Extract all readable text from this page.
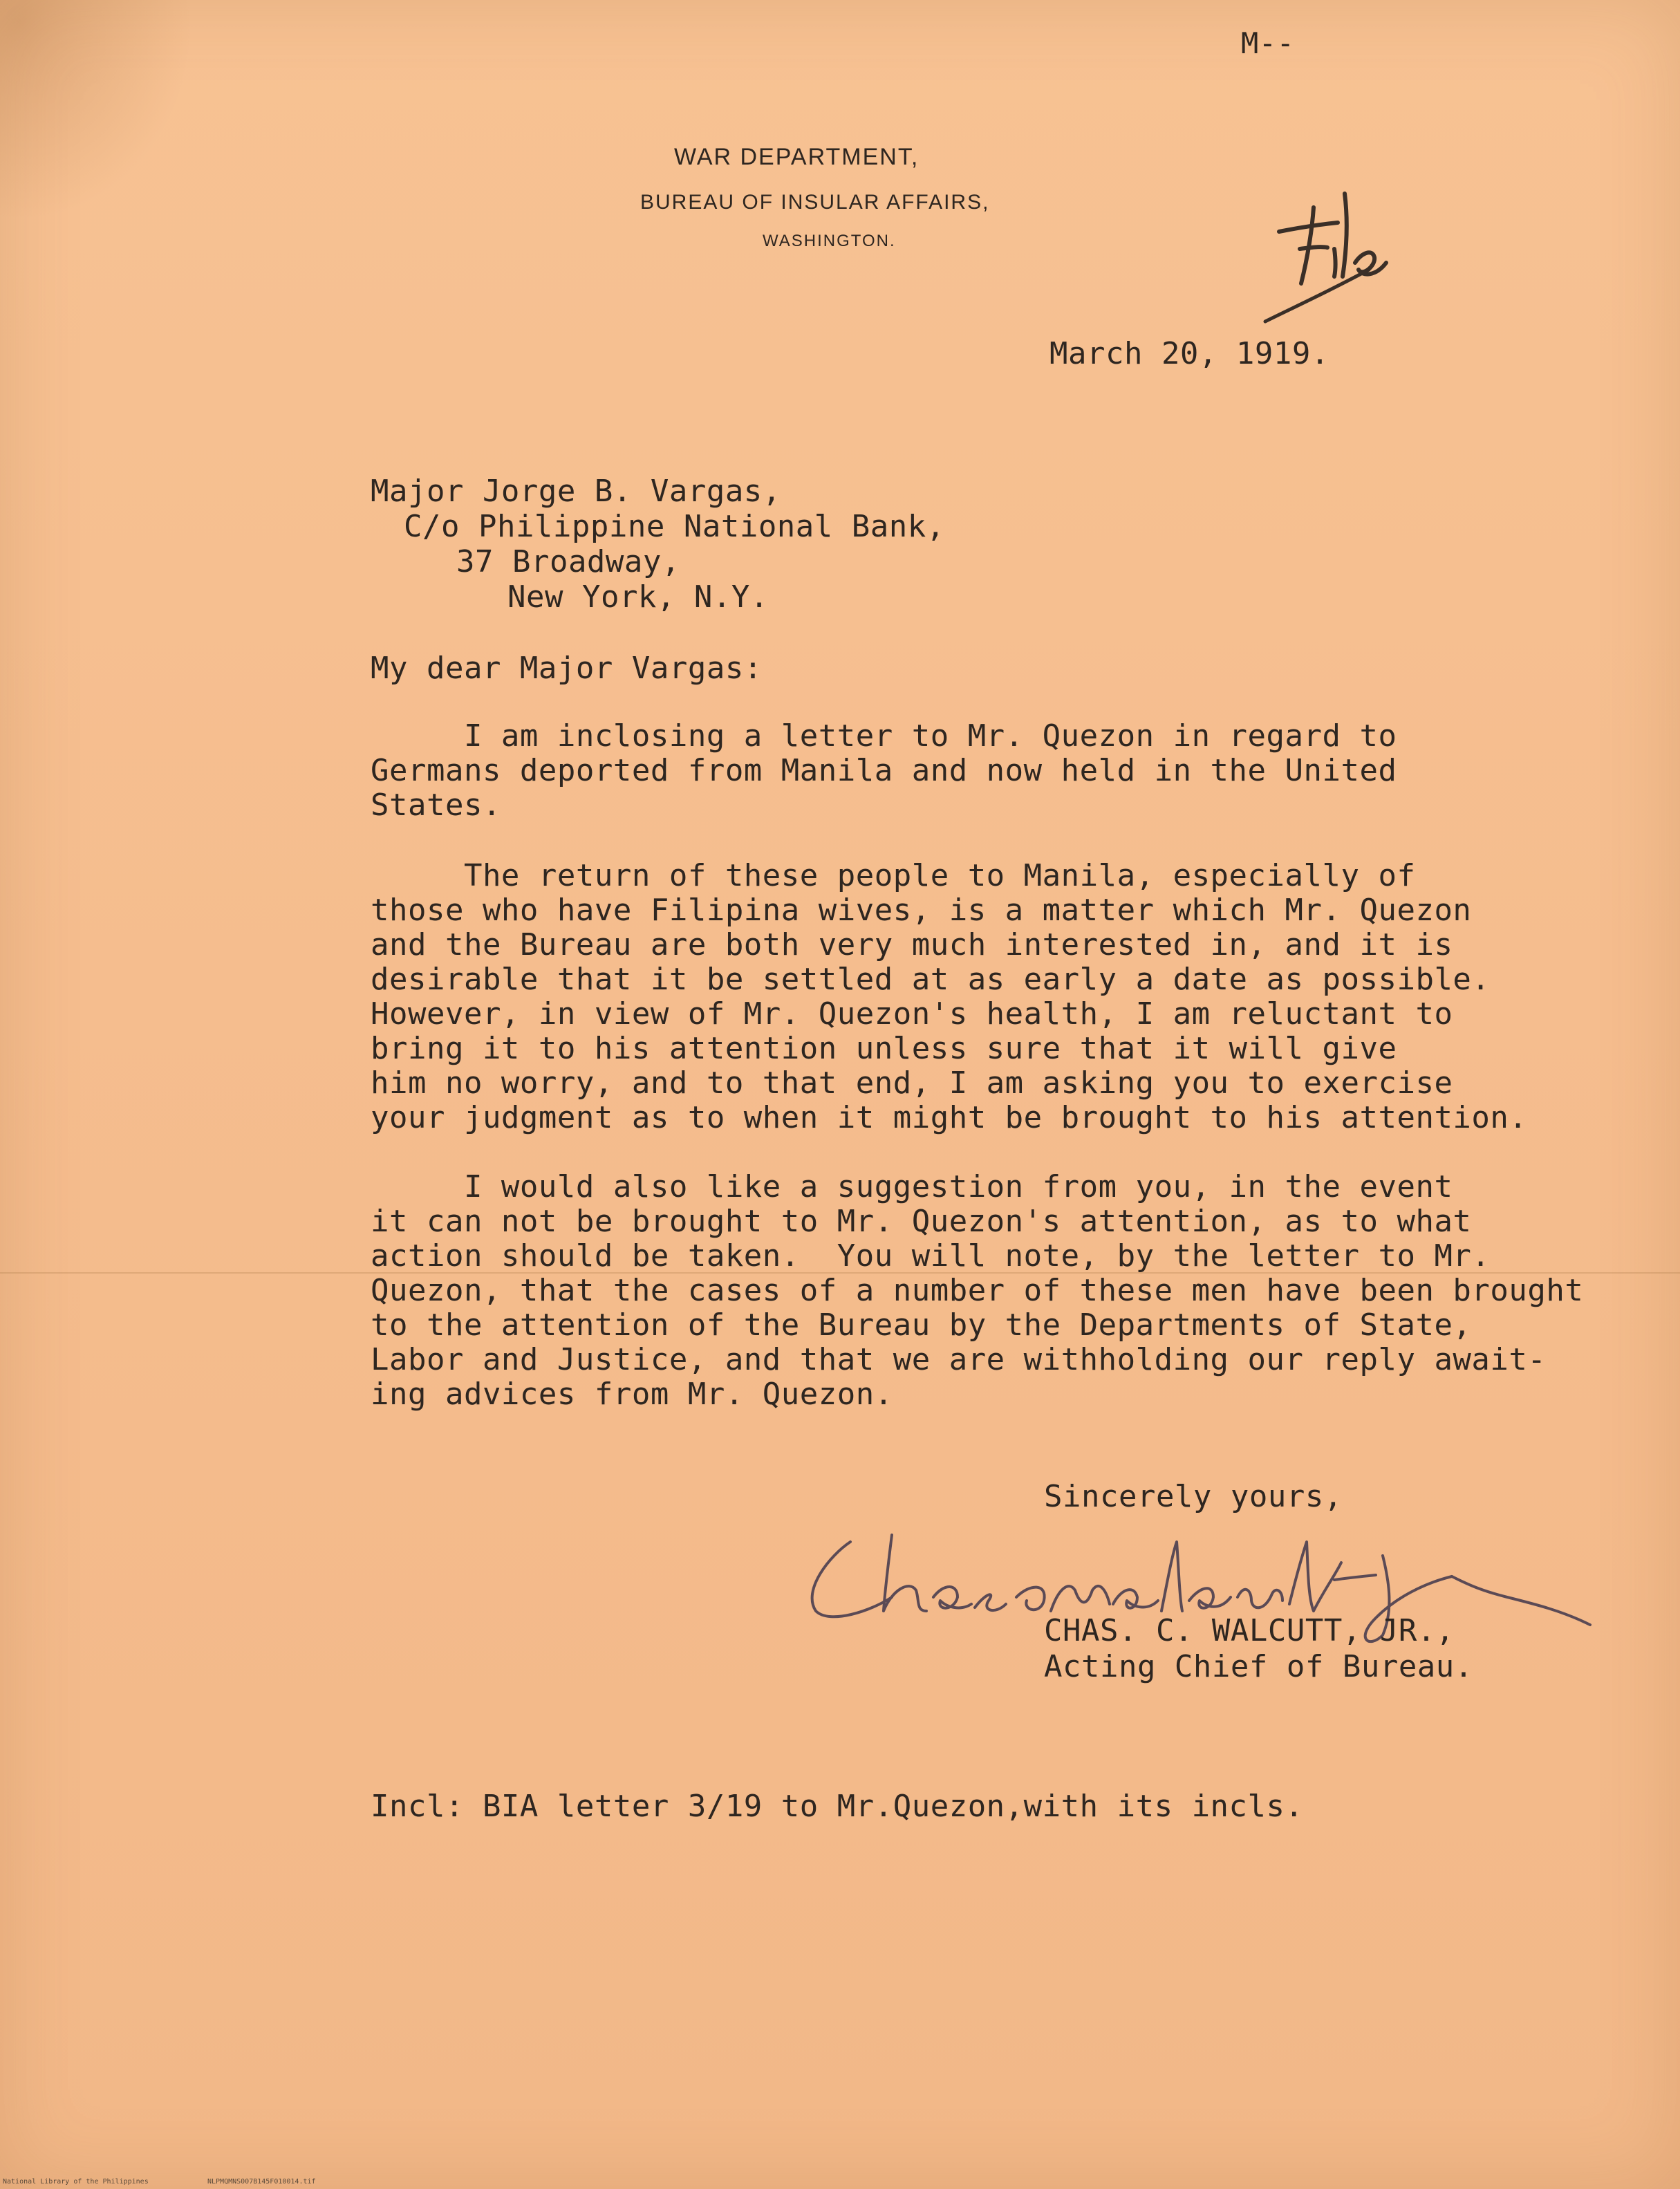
M--
WAR DEPARTMENT,
BUREAU OF INSULAR AFFAIRS,
WASHINGTON.
March 20, 1919.
Major Jorge B. Vargas,
C/o Philippine National Bank,
37 Broadway,
New York, N.Y.
My dear Major Vargas:
I am inclosing a letter to Mr. Quezon in regard to
Germans deported from Manila and now held in the United
States.
The return of these people to Manila, especially of
those who have Filipina wives, is a matter which Mr. Quezon
and the Bureau are both very much interested in, and it is
desirable that it be settled at as early a date as possible.
However, in view of Mr. Quezon's health, I am reluctant to
bring it to his attention unless sure that it will give
him no worry, and to that end, I am asking you to exercise
your judgment as to when it might be brought to his attention.
I would also like a suggestion from you, in the event
it can not be brought to Mr. Quezon's attention, as to what
action should be taken.  You will note, by the letter to Mr.
Quezon, that the cases of a number of these men have been brought
to the attention of the Bureau by the Departments of State,
Labor and Justice, and that we are withholding our reply await-
ing advices from Mr. Quezon.
Sincerely yours,
CHAS. C. WALCUTT, JR.,
Acting Chief of Bureau.
Incl: BIA letter 3/19 to Mr.Quezon,with its incls.
National Library of the Philippines	NLPMQMNS007B145F010014.tif
